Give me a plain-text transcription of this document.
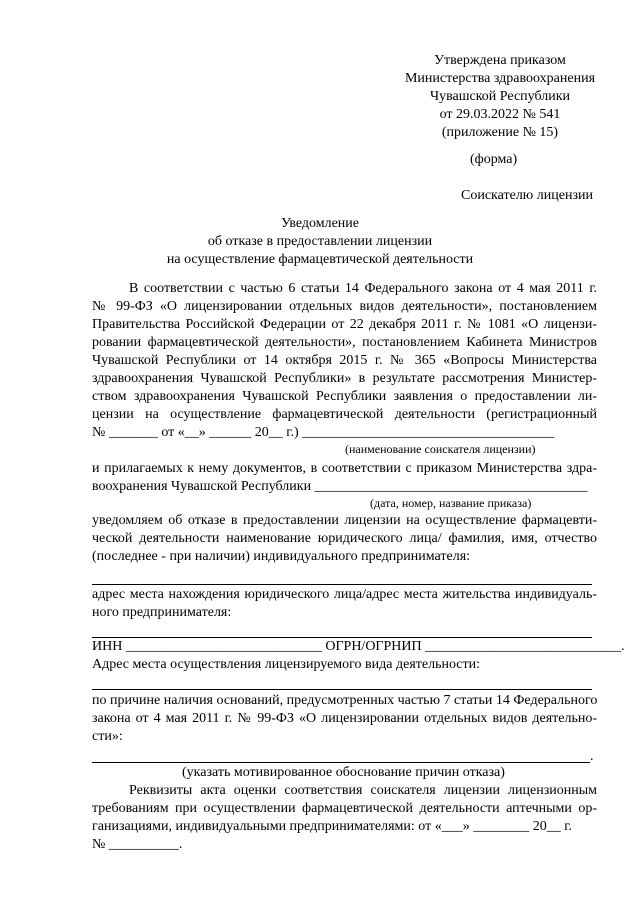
Утверждена приказом
Министерства здравоохранения
Чувашской Республики
от 29.03.2022 № 541
(приложение № 15)
(форма)
Соискателю лицензии
Уведомление
об отказе в предоставлении лицензии
на осуществление фармацевтической деятельности
В соответствии с частью 6 статьи 14 Федерального закона от 4 мая 2011 г.
№ 99-ФЗ «О лицензировании отдельных видов деятельности», постановлением
Правительства Российской Федерации от 22 декабря 2011 г. № 1081 «О лицензи-
ровании фармацевтической деятельности», постановлением Кабинета Министров
Чувашской Республики от 14 октября 2015 г. № 365 «Вопросы Министерства
здравоохранения Чувашской Республики» в результате рассмотрения Министер-
ством здравоохранения Чувашской Республики заявления о предоставлении ли-
цензии на осуществление фармацевтической деятельности (регистрационный
№ _______ от «__» ______ 20__ г.) ____________________________________
(наименование соискателя лицензии)
и прилагаемых к нему документов, в соответствии с приказом Министерства здра-
воохранения Чувашской Республики _______________________________________
(дата, номер, название приказа)
уведомляем об отказе в предоставлении лицензии на осуществление фармацевти-
ческой деятельности наименование юридического лица/ фамилия, имя, отчество
(последнее - при наличии) индивидуального предпринимателя:
адрес места нахождения юридического лица/адрес места жительства индивидуаль-
ного предпринимателя:
ИНН ____________________________ ОГРН/ОГРНИП ____________________________.
Адрес места осуществления лицензируемого вида деятельности:
по причине наличия оснований, предусмотренных частью 7 статьи 14 Федерального
закона от 4 мая 2011 г. № 99-ФЗ «О лицензировании отдельных видов деятельно-
сти»:
.
(указать мотивированное обоснование причин отказа)
Реквизиты акта оценки соответствия соискателя лицензии лицензионным
требованиям при осуществлении фармацевтической деятельности аптечными ор-
ганизациями, индивидуальными предпринимателями: от «___» ________ 20__ г.
№ __________.
